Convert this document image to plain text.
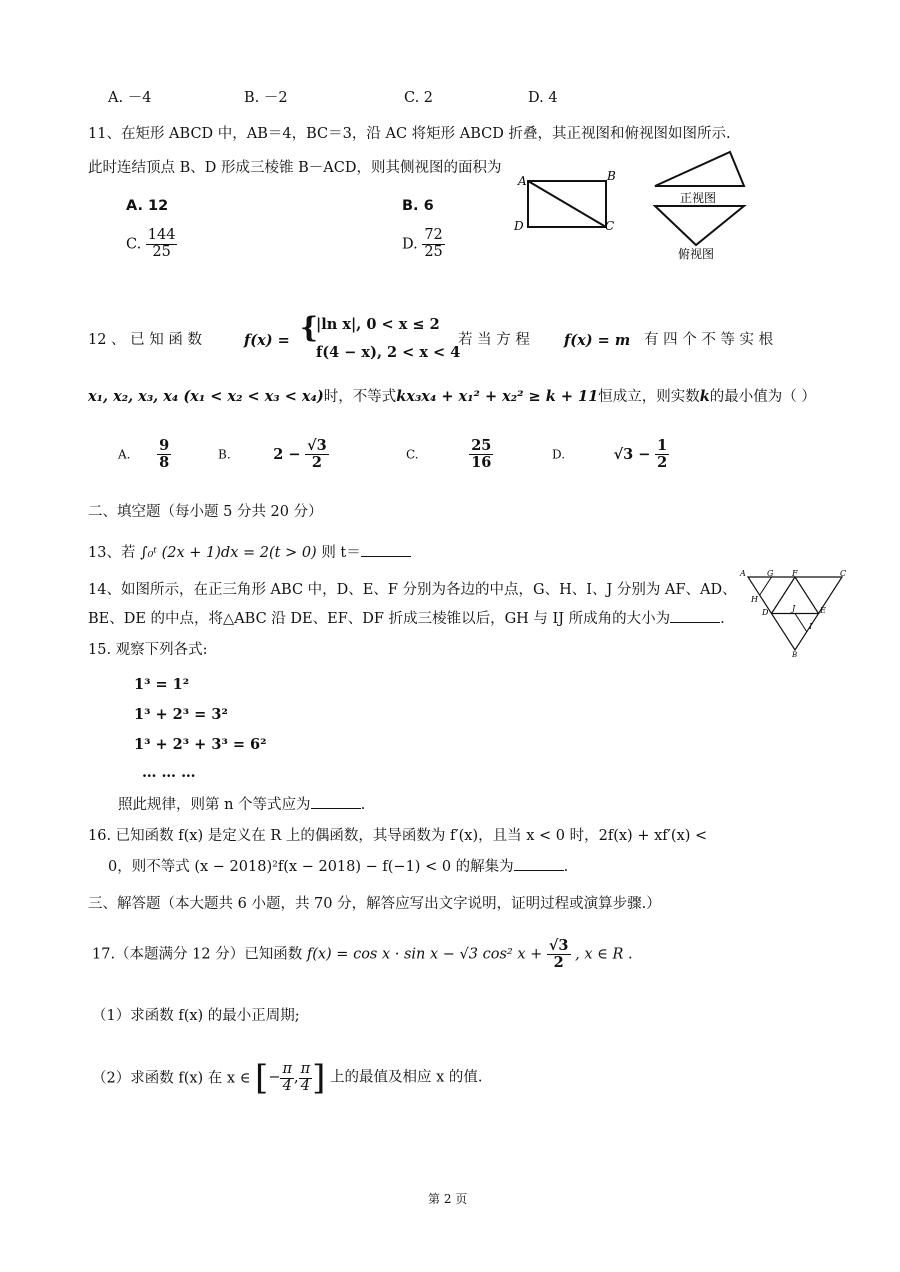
A. －4	B. －2	C. 2	D. 4
11、在矩形 ABCD 中，AB＝4，BC＝3，沿 AC 将矩形 ABCD 折叠，其正视图和俯视图如图所示.
此时连结顶点 B、D 形成三棱锥 B－ACD，则其侧视图的面积为
A. 12	B. 6
C. $\frac{144}{25}$	D. $\frac{72}{25}$
A	B
D	C
正视图
俯视图
12 、 已 知 函 数	f(x) = {
|ln x|, 0 < x ≤ 2
f(4 − x), 2 < x < 4
若 当 方 程 f(x) = m 有 四 个 不 等 实 根
x₁, x₂, x₃, x₄ (x₁ < x₂ < x₃ < x₄)时，不等式kx₃x₄ + x₁² + x₂² ≥ k + 11恒成立，则实数k的最小值为（ ）
A. $\frac{9}{8}$	B.	$2 - \frac{√3}{2}$	C.	$\frac{25}{16}$	D.	$√3 - \frac{1}{2}$
二、填空题（每小题 5 分共 20 分）
13、若 ∫₀ᵗ (2x + 1)dx = 2(t > 0) 则 t＝
14、如图所示，在正三角形 ABC 中，D、E、F 分别为各边的中点，G、H、I、J 分别为 AF、AD、
BE、DE 的中点，将△ABC 沿 DE、EF、DF 折成三棱锥以后，GH 与 IJ 所成角的大小为	.
A	G F	C
H
D	J	E
I
B
15. 观察下列各式:
1³ = 1²
1³ + 2³ = 3²
1³ + 2³ + 3³ = 6²
… … …
照此规律，则第 n 个等式应为	.
16. 已知函数 f(x) 是定义在 R 上的偶函数，其导函数为 f′(x)，且当 x < 0 时，2f(x) + xf′(x) <
0，则不等式 (x − 2018)²f(x − 2018) − f(−1) < 0 的解集为	.
三、解答题（本大题共 6 小题，共 70 分，解答应写出文字说明，证明过程或演算步骤.）
17.（本题满分 12 分）已知函数 f(x) = cos x · sin x − √3 cos² $x + \frac{√3}{2}$ , x ∈ R .
（1）求函数 f(x) 的最小正周期;
（2）求函数 f(x) 在 x ∈ [− $\frac{\pi}{4}$ , $\frac{\pi}{4}$ ] 上的最值及相应 x 的值.
第 2 页
